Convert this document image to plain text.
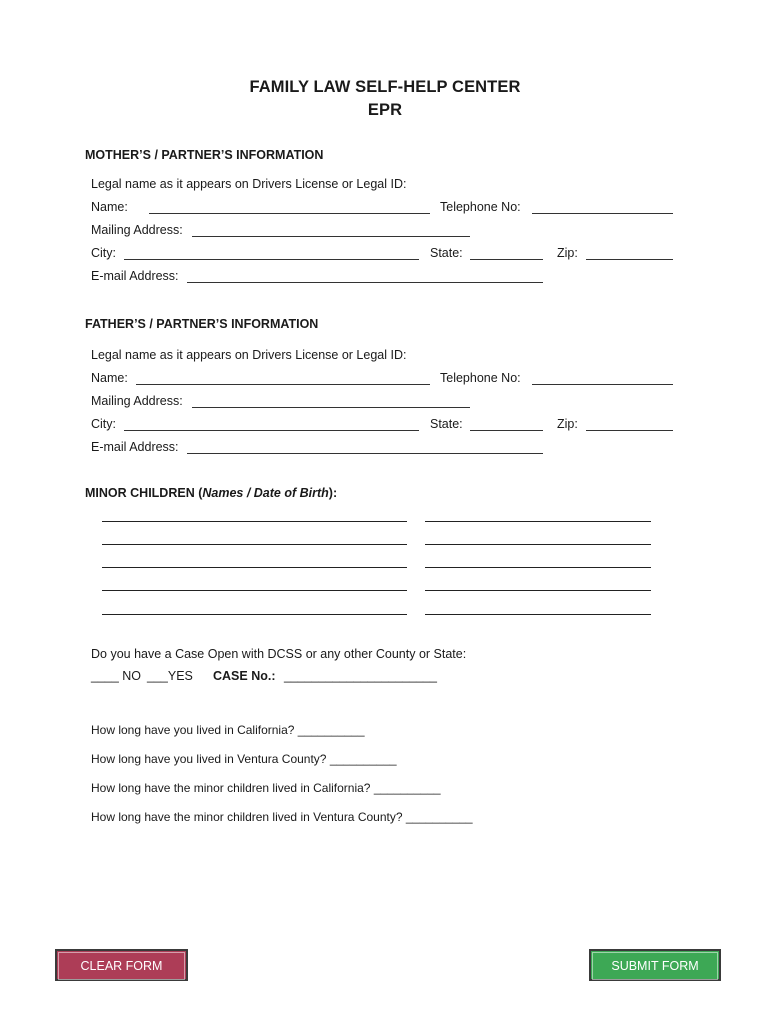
FAMILY LAW SELF-HELP CENTER
EPR
MOTHER’S / PARTNER’S INFORMATION
Legal name as it appears on Drivers License or Legal ID:
Name:	Telephone No:
Mailing Address:
City:	State:	Zip:
E-mail Address:
FATHER’S / PARTNER’S INFORMATION
Legal name as it appears on Drivers License or Legal ID:
Name:	Telephone No:
Mailing Address:
City:	State:	Zip:
E-mail Address:
MINOR CHILDREN (Names / Date of Birth):
Do you have a Case Open with DCSS or any other County or State:
____ NO ___YES CASE No.: ______________________
How long have you lived in California? __________
How long have you lived in Ventura County? __________
How long have the minor children lived in California? __________
How long have the minor children lived in Ventura County? __________
CLEAR FORM	SUBMIT FORM
